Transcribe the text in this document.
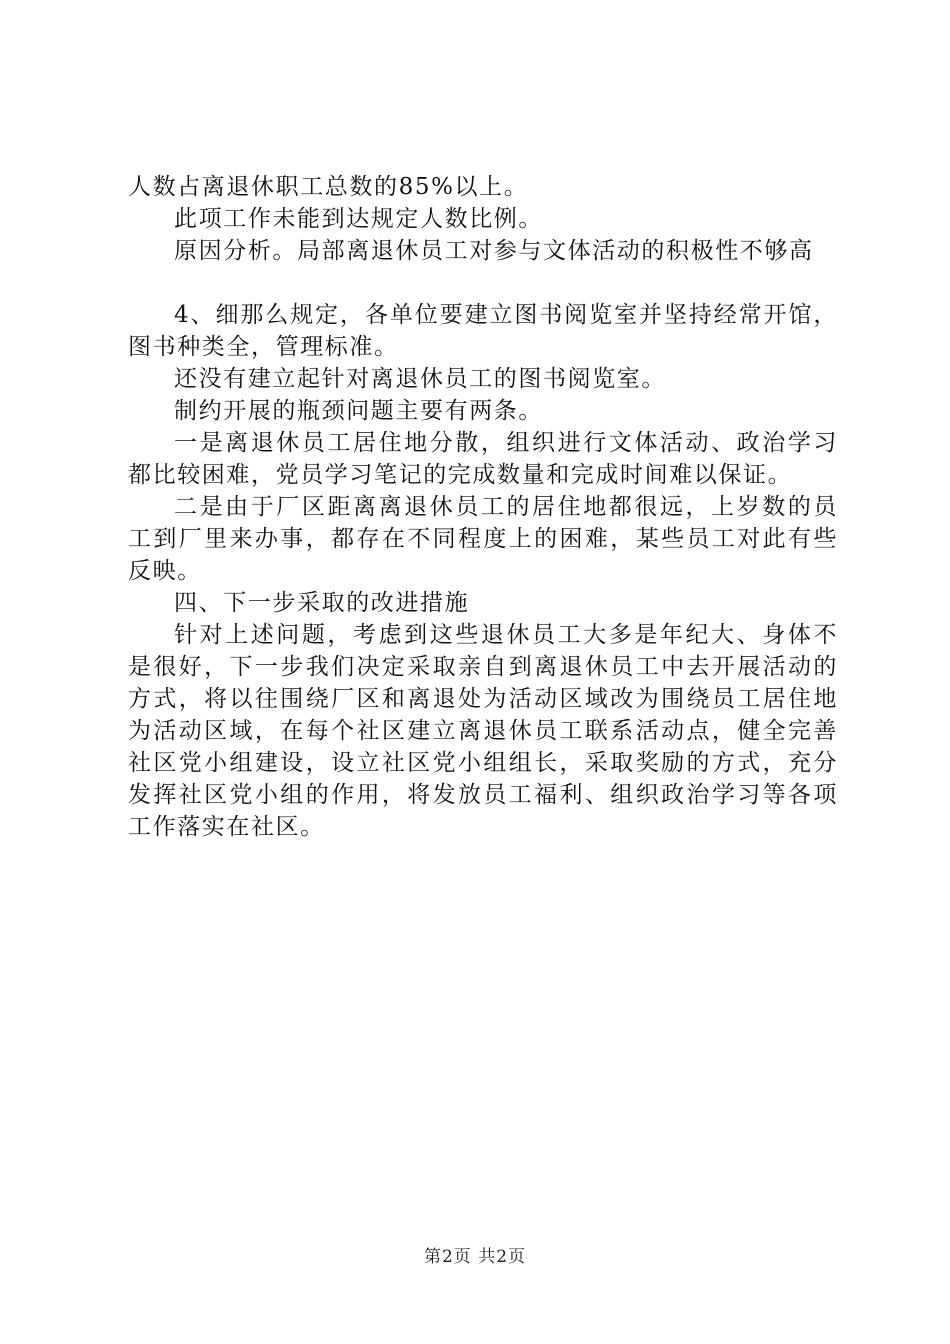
人数占离退休职工总数的85%以上。

此项工作未能到达规定人数比例。

原因分析。局部离退休员工对参与文体活动的积极性不够高

4、细那么规定，各单位要建立图书阅览室并坚持经常开馆，图书种类全，管理标准。

还没有建立起针对离退休员工的图书阅览室。

制约开展的瓶颈问题主要有两条。

一是离退休员工居住地分散，组织进行文体活动、政治学习都比较困难，党员学习笔记的完成数量和完成时间难以保证。

二是由于厂区距离离退休员工的居住地都很远，上岁数的员工到厂里来办事，都存在不同程度上的困难，某些员工对此有些反映。

四、下一步采取的改进措施

针对上述问题，考虑到这些退休员工大多是年纪大、身体不是很好，下一步我们决定采取亲自到离退休员工中去开展活动的方式，将以往围绕厂区和离退处为活动区域改为围绕员工居住地为活动区域，在每个社区建立离退休员工联系活动点，健全完善社区党小组建设，设立社区党小组组长，采取奖励的方式，充分发挥社区党小组的作用，将发放员工福利、组织政治学习等各项工作落实在社区。

第2页 共2页
